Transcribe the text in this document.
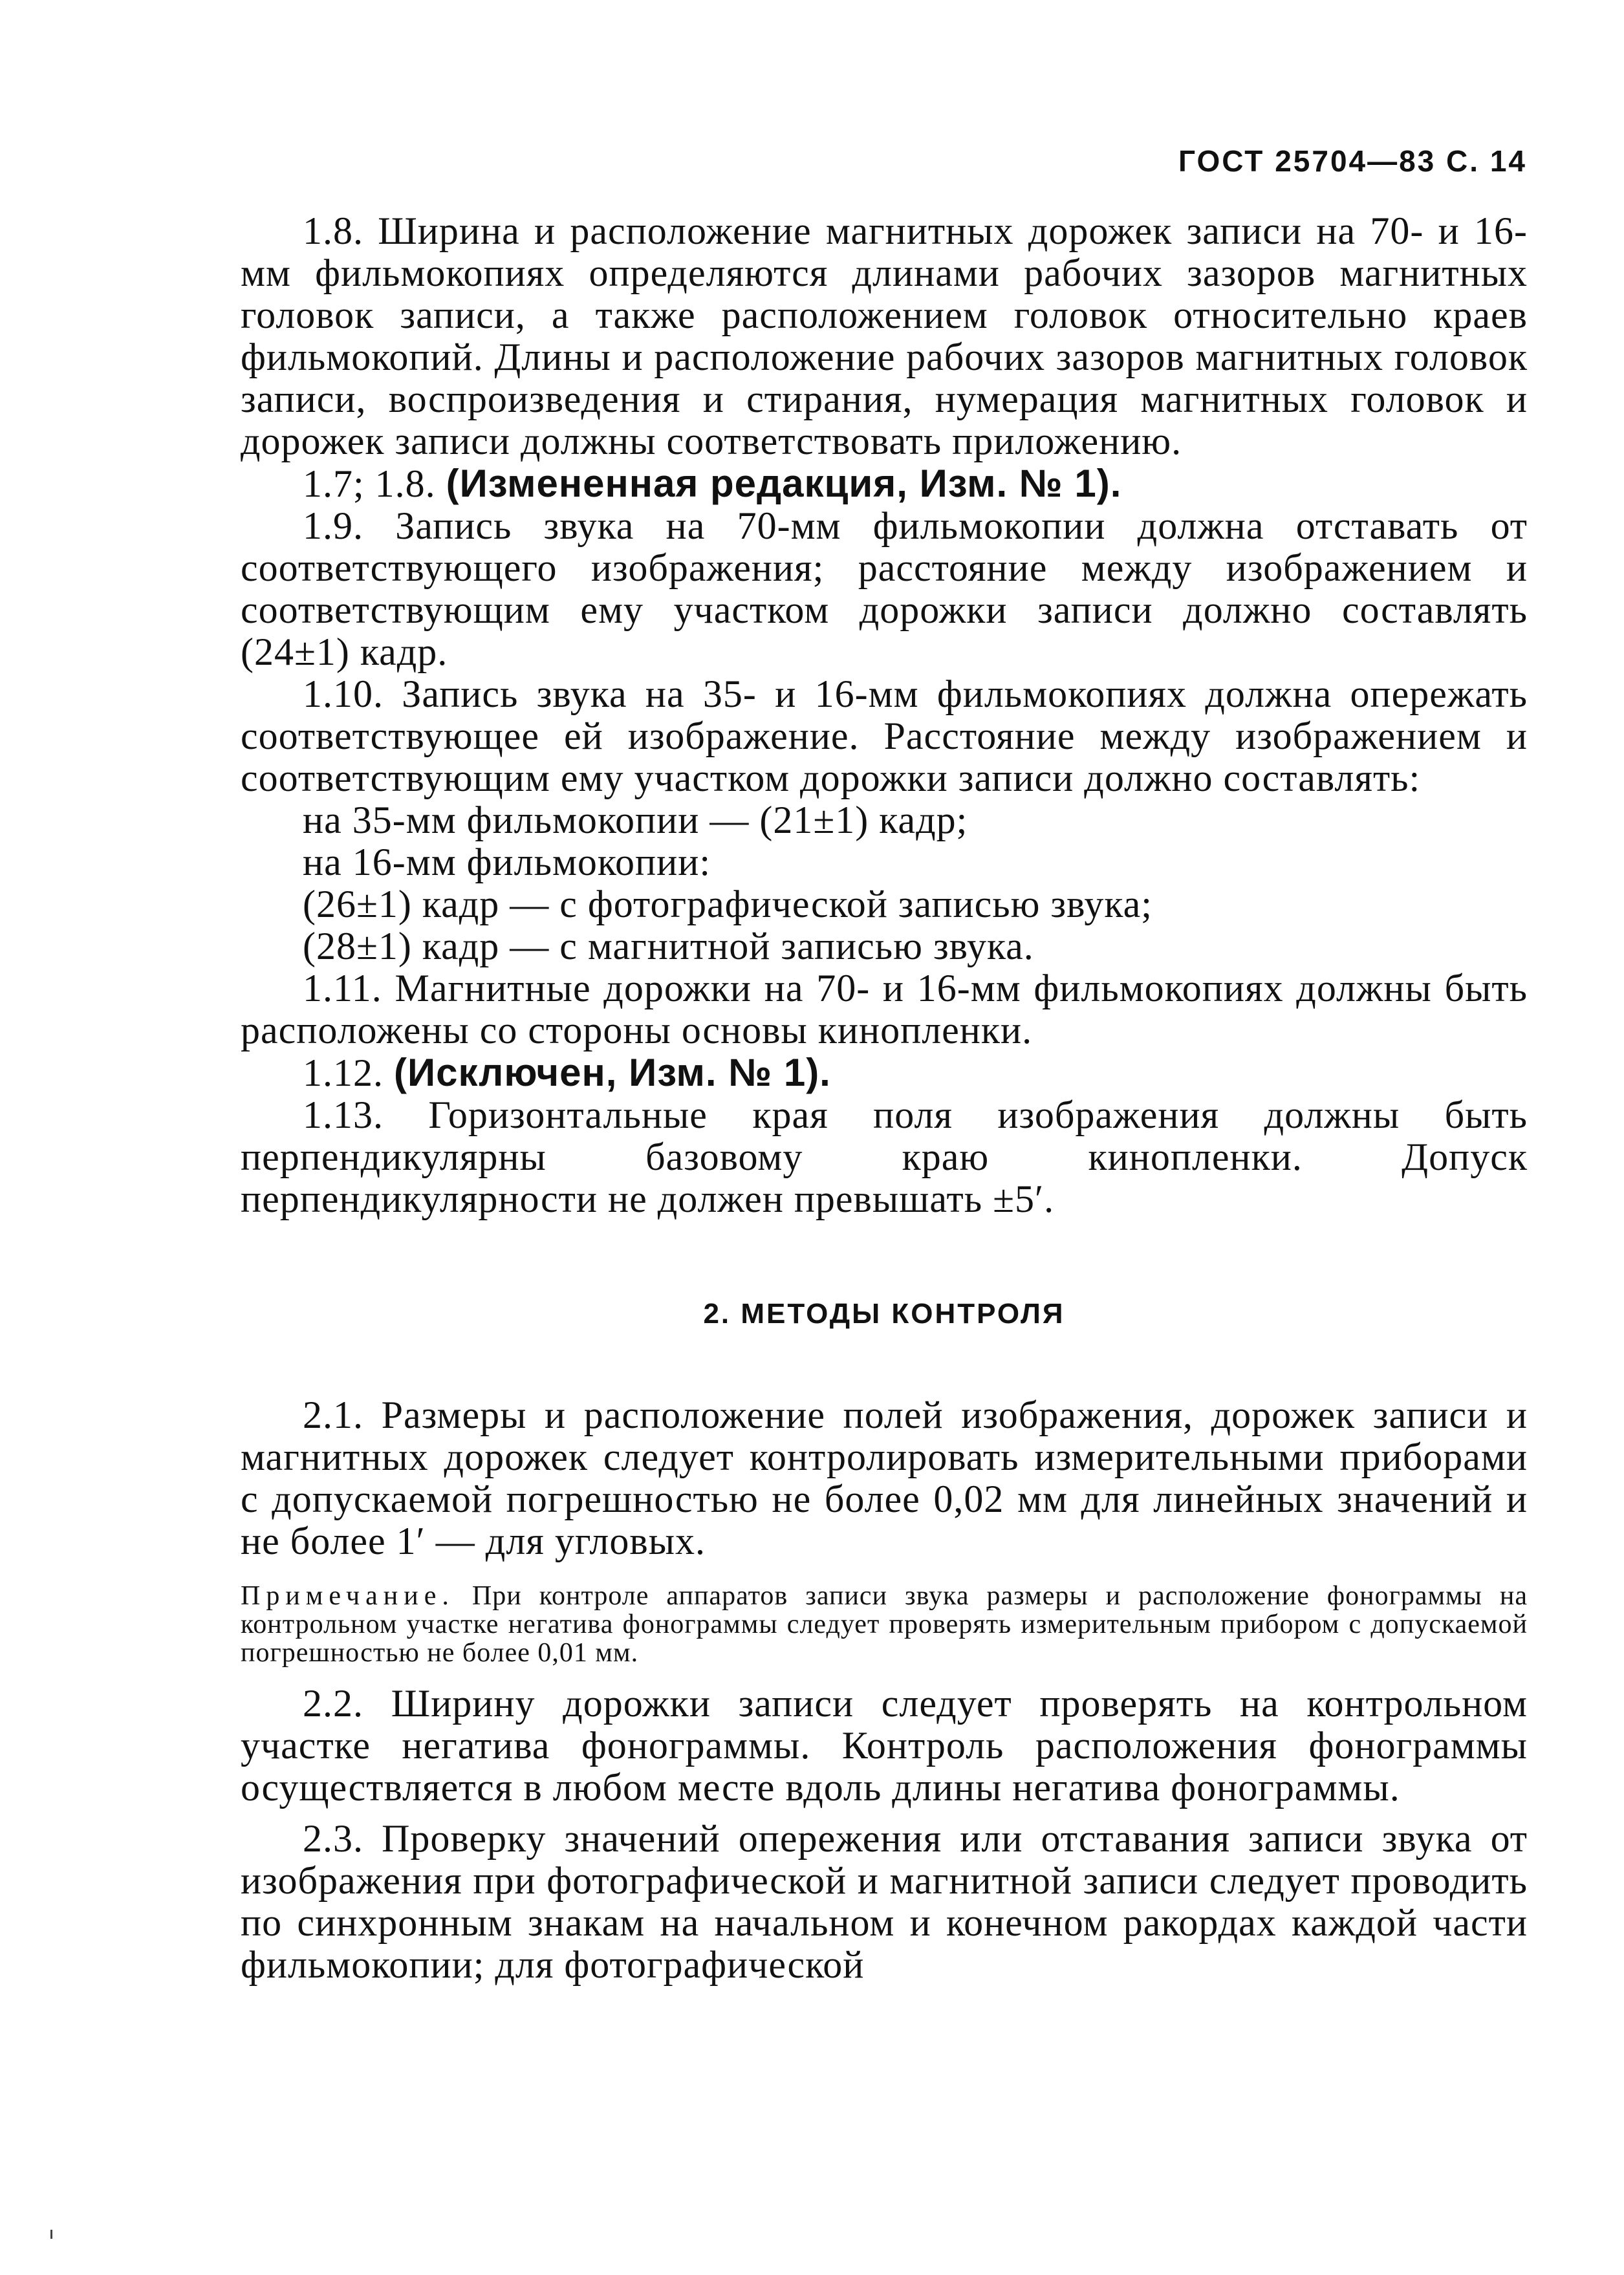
ГОСТ 25704—83 С. 14

1.8. Ширина и расположение магнитных дорожек записи на 70- и 16-мм фильмокопиях определяются длинами рабочих зазоров магнитных головок записи, а также расположением головок относительно краев фильмокопий. Длины и расположение рабочих зазоров магнитных головок записи, воспроизведения и стирания, нумерация магнитных головок и дорожек записи должны соответствовать приложению.

1.7; 1.8. (Измененная редакция, Изм. № 1).

1.9. Запись звука на 70-мм фильмокопии должна отставать от соответствующего изображения; расстояние между изображением и соответствующим ему участком дорожки записи должно составлять (24±1) кадр.

1.10. Запись звука на 35- и 16-мм фильмокопиях должна опережать соответствующее ей изображение. Расстояние между изображением и соответствующим ему участком дорожки записи должно составлять:

на 35-мм фильмокопии — (21±1) кадр;

на 16-мм фильмокопии:

(26±1) кадр — с фотографической записью звука;

(28±1) кадр — с магнитной записью звука.

1.11. Магнитные дорожки на 70- и 16-мм фильмокопиях должны быть расположены со стороны основы кинопленки.

1.12. (Исключен, Изм. № 1).

1.13. Горизонтальные края поля изображения должны быть перпендикулярны базовому краю кинопленки. Допуск перпендикулярности не должен превышать ±5′.

2. МЕТОДЫ КОНТРОЛЯ

2.1. Размеры и расположение полей изображения, дорожек записи и магнитных дорожек следует контролировать измерительными приборами с допускаемой погрешностью не более 0,02 мм для линейных значений и не более 1′ — для угловых.

Примечание. При контроле аппаратов записи звука размеры и расположение фонограммы на контрольном участке негатива фонограммы следует проверять измерительным прибором с допускаемой погрешностью не более 0,01 мм.

2.2. Ширину дорожки записи следует проверять на контрольном участке негатива фонограммы. Контроль расположения фонограммы осуществляется в любом месте вдоль длины негатива фонограммы.

2.3. Проверку значений опережения или отставания записи звука от изображения при фотографической и магнитной записи следует проводить по синхронным знакам на начальном и конечном ракордах каждой части фильмокопии; для фотографической
